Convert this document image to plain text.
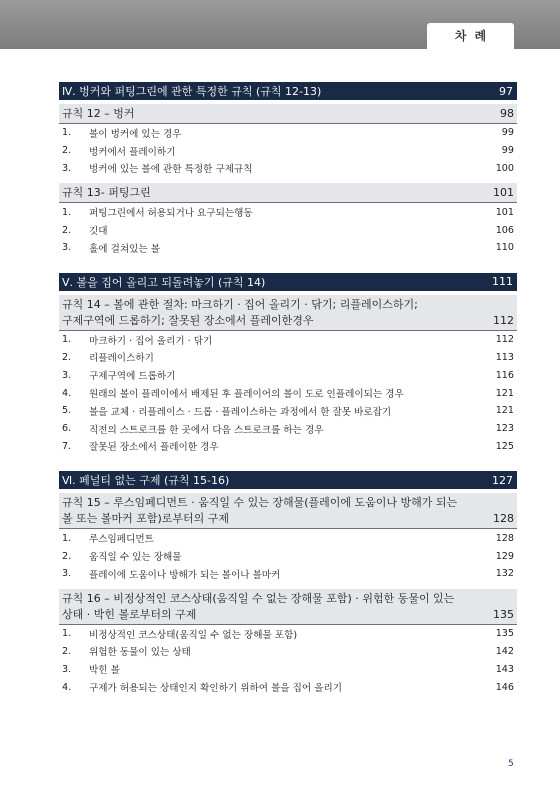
차례
Ⅳ. 벙커와 퍼팅그린에 관한 특정한 규칙 (규칙 12-13)	97
규칙 12 – 벙커	98
1.	볼이 벙커에 있는 경우	99
2.	벙커에서 플레이하기	99
3.	벙커에 있는 볼에 관한 특정한 구제규칙	100
규칙 13- 퍼팅그린	101
1.	퍼팅그린에서 허용되거나 요구되는행동	101
2.	깃대	106
3.	홀에 걸쳐있는 볼	110
Ⅴ. 볼을 집어 올리고 되돌려놓기 (규칙 14)	111
규칙 14 – 볼에 관한 절차: 마크하기 · 집어 올리기 · 닦기; 리플레이스하기;
구제구역에 드롭하기; 잘못된 장소에서 플레이한경우	112
1.	마크하기 · 집어 올리기 · 닦기	112
2.	리플레이스하기	113
3.	구제구역에 드롭하기	116
4.	원래의 볼이 플레이에서 배제된 후 플레이어의 볼이 도로 인플레이되는 경우	121
5.	볼을 교체 · 리플레이스 · 드롭 · 플레이스하는 과정에서 한 잘못 바로잡기	121
6.	직전의 스트로크를 한 곳에서 다음 스트로크를 하는 경우	123
7.	잘못된 장소에서 플레이한 경우	125
Ⅵ. 페널티 없는 구제 (규칙 15-16)	127
규칙 15 – 루스임페디먼트 · 움직일 수 있는 장해물(플레이에 도움이나 방해가 되는
볼 또는 볼마커 포함)로부터의 구제	128
1.	루스임페디먼트	128
2.	움직일 수 있는 장해물	129
3.	플레이에 도움이나 방해가 되는 볼이나 볼마커	132
규칙 16 – 비정상적인 코스상태(움직일 수 없는 장해물 포함) · 위험한 동물이 있는
상태 · 박힌 볼로부터의 구제	135
1.	비정상적인 코스상태(움직일 수 없는 장해물 포함)	135
2.	위험한 동물이 있는 상태	142
3.	박힌 볼	143
4.	구제가 허용되는 상태인지 확인하기 위하여 볼을 집어 올리기	146
5
